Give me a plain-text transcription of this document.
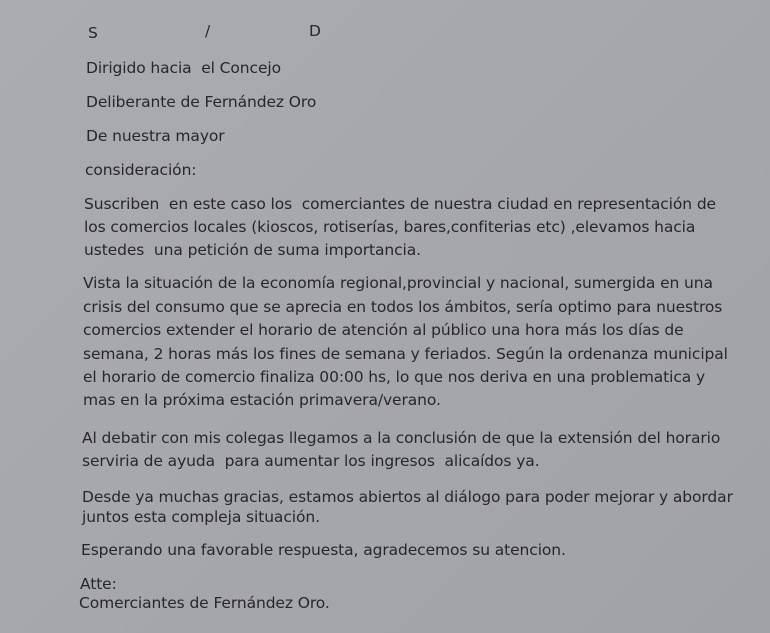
S	/	D
Dirigido hacia  el Concejo
Deliberante de Fernández Oro
De nuestra mayor
consideración:
Suscriben  en este caso los  comerciantes de nuestra ciudad en representación de
los comercios locales (kioscos, rotiserías, bares,confiterias etc) ,elevamos hacia
ustedes  una petición de suma importancia.
Vista la situación de la economía regional,provincial y nacional, sumergida en una
crisis del consumo que se aprecia en todos los ámbitos, sería optimo para nuestros
comercios extender el horario de atención al público una hora más los días de
semana, 2 horas más los fines de semana y feriados. Según la ordenanza municipal
el horario de comercio finaliza 00:00 hs, lo que nos deriva en una problematica y
mas en la próxima estación primavera/verano.
Al debatir con mis colegas llegamos a la conclusión de que la extensión del horario
serviria de ayuda  para aumentar los ingresos  alicaídos ya.
Desde ya muchas gracias, estamos abiertos al diálogo para poder mejorar y abordar
juntos esta compleja situación.
Esperando una favorable respuesta, agradecemos su atencion.
Atte:
Comerciantes de Fernández Oro.
